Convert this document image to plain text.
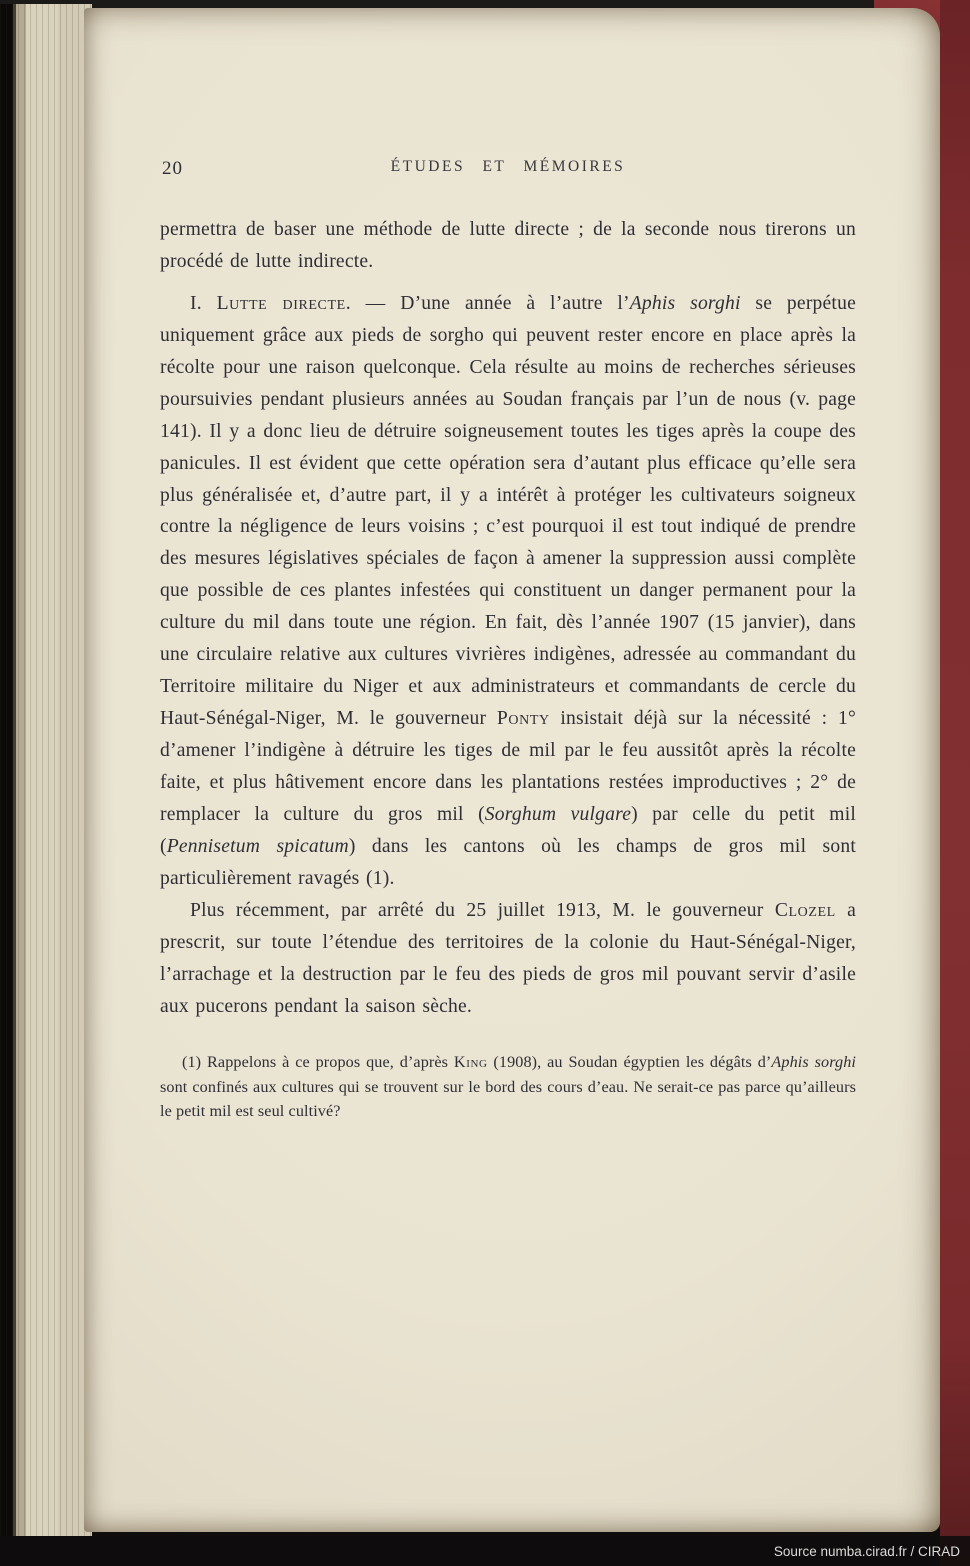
20	ÉTUDES ET MÉMOIRES

permettra de baser une méthode de lutte directe ; de la seconde nous tirerons un procédé de lutte indirecte.

I. Lutte directe. — D’une année à l’autre l’Aphis sorghi se perpétue uniquement grâce aux pieds de sorgho qui peuvent rester encore en place après la récolte pour une raison quelconque. Cela résulte au moins de recherches sérieuses poursuivies pendant plusieurs années au Soudan français par l’un de nous (v. page 141). Il y a donc lieu de détruire soigneusement toutes les tiges après la coupe des panicules. Il est évident que cette opération sera d’autant plus efficace qu’elle sera plus généralisée et, d’autre part, il y a intérêt à protéger les cultivateurs soigneux contre la négligence de leurs voisins ; c’est pourquoi il est tout indiqué de prendre des mesures législatives spéciales de façon à amener la suppression aussi complète que possible de ces plantes infestées qui constituent un danger permanent pour la culture du mil dans toute une région. En fait, dès l’année 1907 (15 janvier), dans une circulaire relative aux cultures vivrières indigènes, adressée au commandant du Territoire militaire du Niger et aux administrateurs et commandants de cercle du Haut-Sénégal-Niger, M. le gouverneur Ponty insistait déjà sur la nécessité : 1° d’amener l’indigène à détruire les tiges de mil par le feu aussitôt après la récolte faite, et plus hâtivement encore dans les plantations restées improductives ; 2° de remplacer la culture du gros mil (Sorghum vulgare) par celle du petit mil (Pennisetum spicatum) dans les cantons où les champs de gros mil sont particulièrement ravagés (1).

Plus récemment, par arrêté du 25 juillet 1913, M. le gouverneur Clozel a prescrit, sur toute l’étendue des territoires de la colonie du Haut-Sénégal-Niger, l’arrachage et la destruction par le feu des pieds de gros mil pouvant servir d’asile aux pucerons pendant la saison sèche.

(1) Rappelons à ce propos que, d’après King (1908), au Soudan égyptien les dégâts d’Aphis sorghi sont confinés aux cultures qui se trouvent sur le bord des cours d’eau. Ne serait-ce pas parce qu’ailleurs le petit mil est seul cultivé?

Source numba.cirad.fr / CIRAD
